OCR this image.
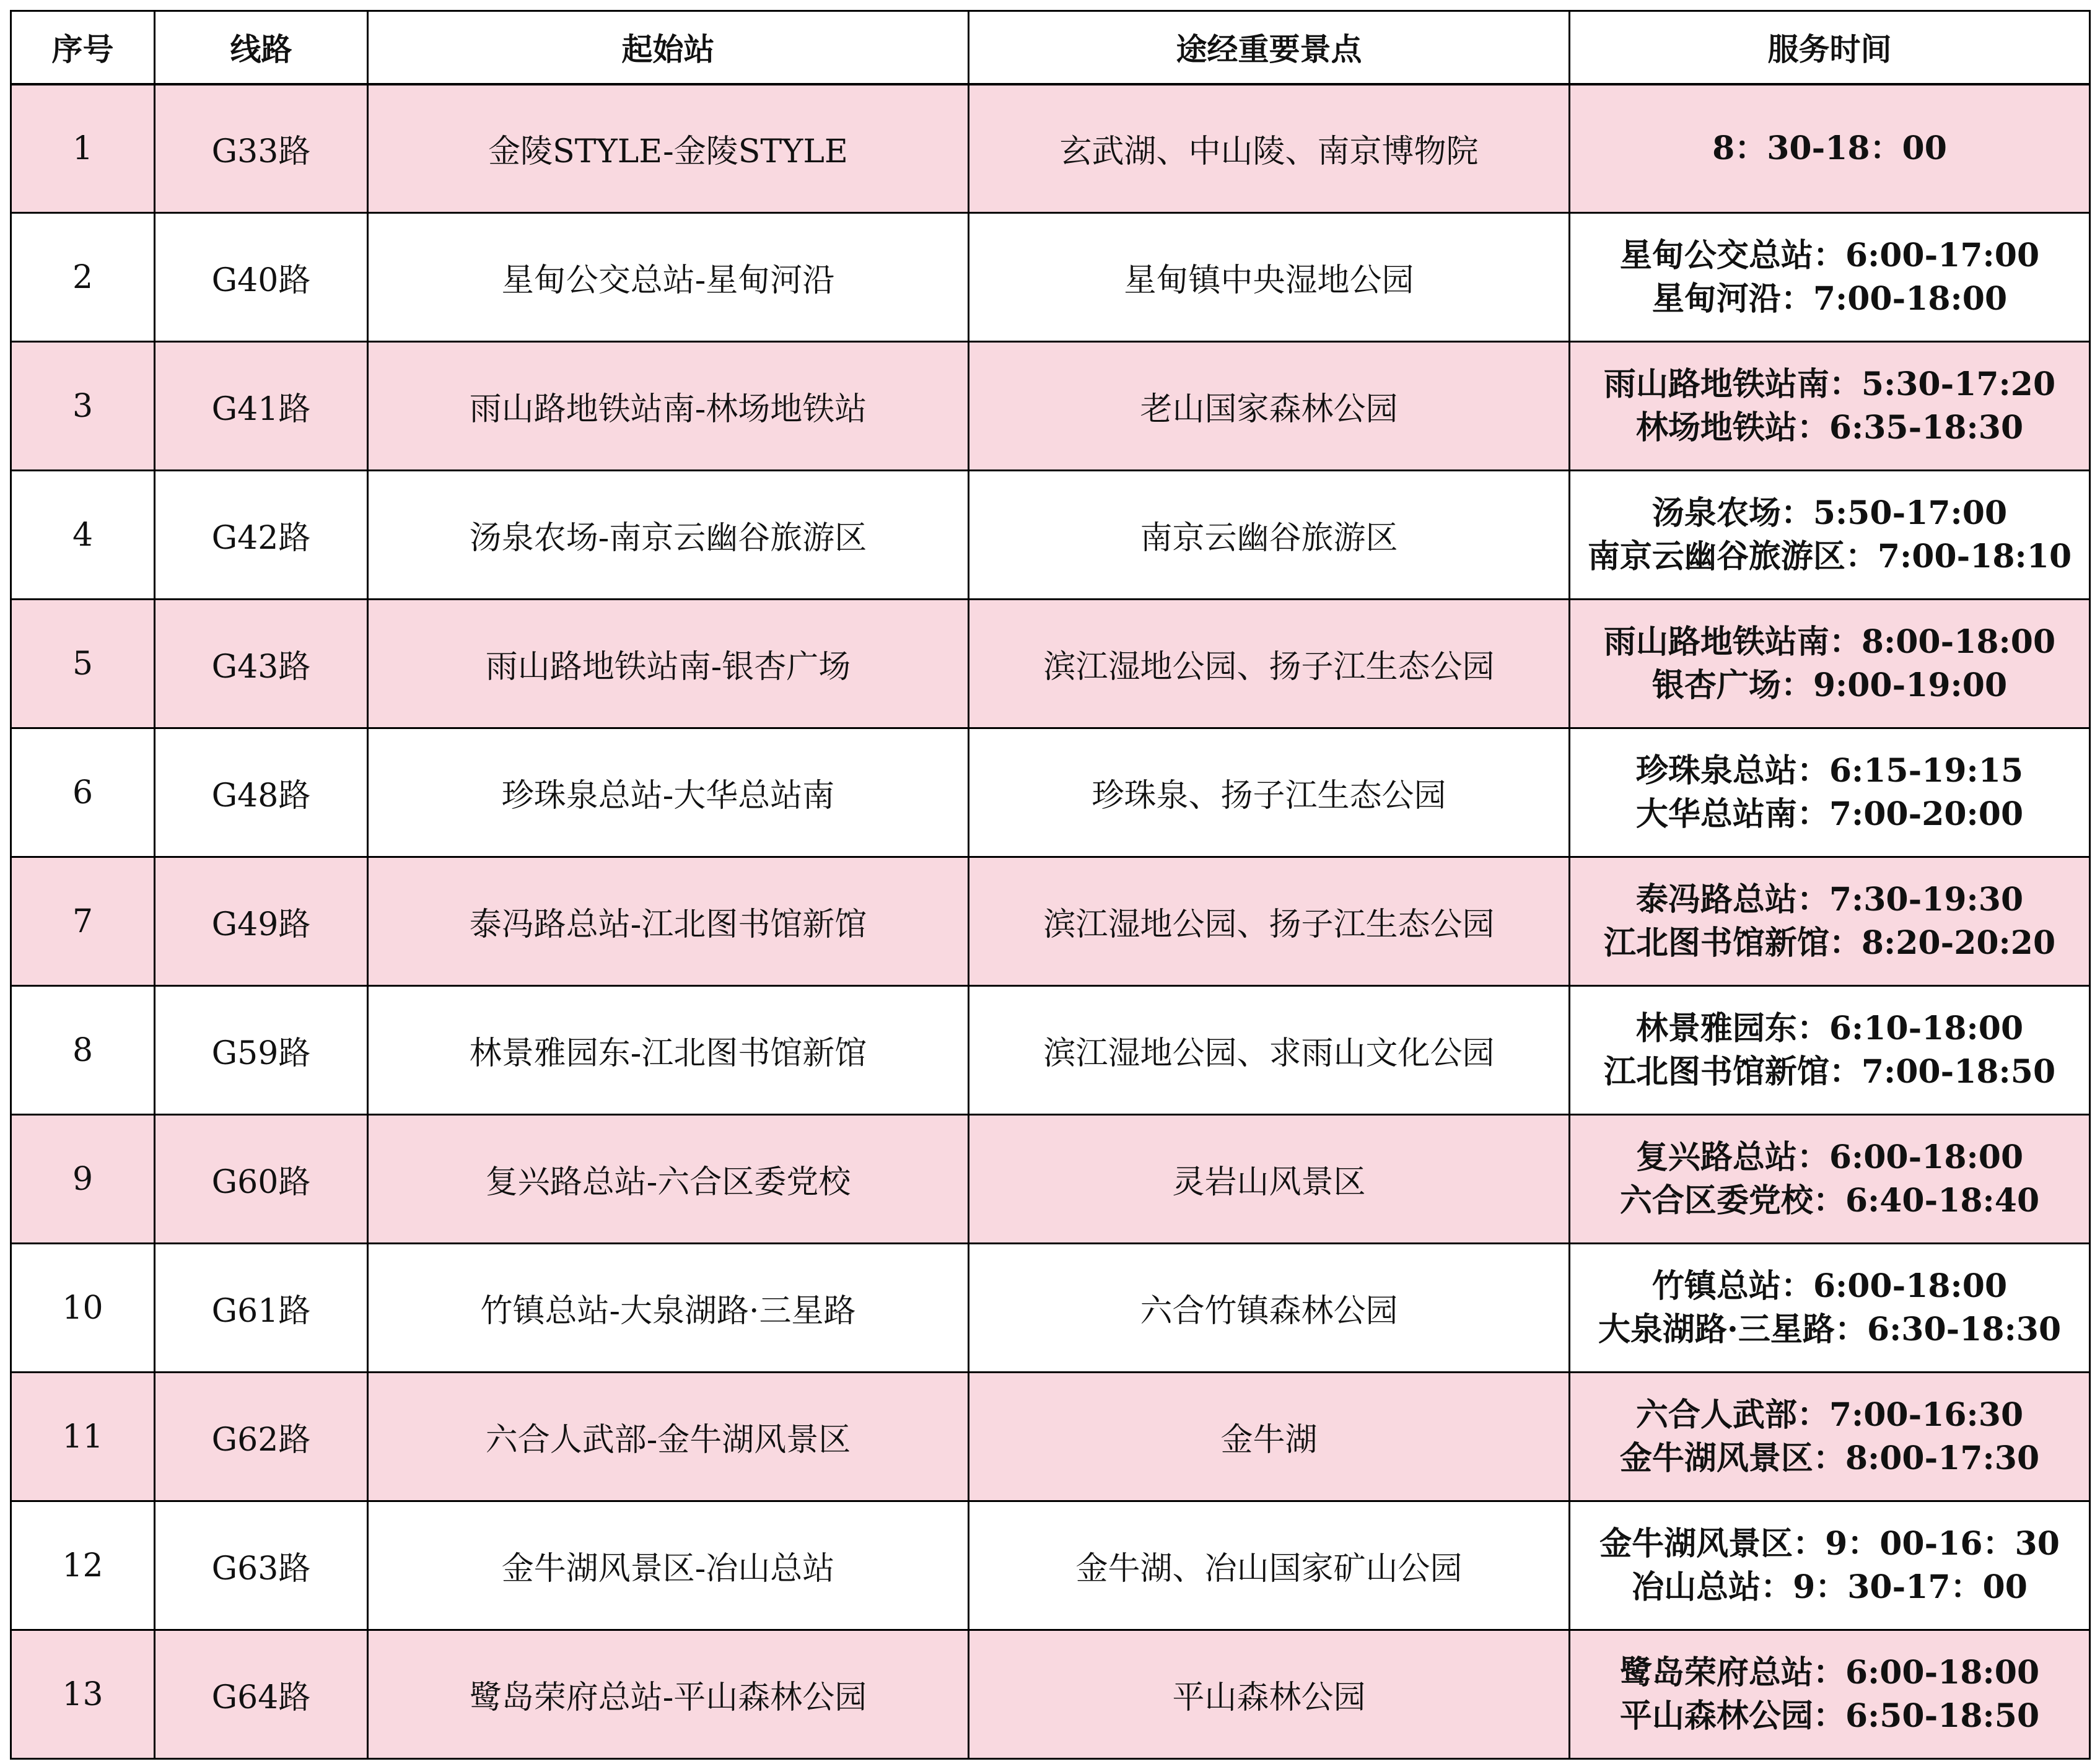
序号	线路	起始站	途经重要景点	服务时间
1	G33路	金陵STYLE-金陵STYLE	玄武湖、中山陵、南京博物院	8：30-18：00

2	G40路	星甸公交总站-星甸河沿	星甸镇中央湿地公园	星甸公交总站：6:00-17:00
星甸河沿：7:00-18:00

3	G41路	雨山路地铁站南-林场地铁站	老山国家森林公园	雨山路地铁站南：5:30-17:20
林场地铁站：6:35-18:30

4	G42路	汤泉农场-南京云幽谷旅游区	南京云幽谷旅游区	汤泉农场：5:50-17:00
南京云幽谷旅游区：7:00-18:10

5	G43路	雨山路地铁站南-银杏广场	滨江湿地公园、扬子江生态公园	雨山路地铁站南：8:00-18:00
银杏广场：9:00-19:00

6	G48路	珍珠泉总站-大华总站南	珍珠泉、扬子江生态公园	珍珠泉总站：6:15-19:15
大华总站南：7:00-20:00

7	G49路	泰冯路总站-江北图书馆新馆	滨江湿地公园、扬子江生态公园	泰冯路总站：7:30-19:30
江北图书馆新馆：8:20-20:20

8	G59路	林景雅园东-江北图书馆新馆	滨江湿地公园、求雨山文化公园	林景雅园东：6:10-18:00
江北图书馆新馆：7:00-18:50

9	G60路	复兴路总站-六合区委党校	灵岩山风景区	复兴路总站：6:00-18:00
六合区委党校：6:40-18:40

10	G61路	竹镇总站-大泉湖路·三星路	六合竹镇森林公园	竹镇总站：6:00-18:00
大泉湖路·三星路：6:30-18:30

11	G62路	六合人武部-金牛湖风景区	金牛湖	六合人武部：7:00-16:30
金牛湖风景区：8:00-17:30

12	G63路	金牛湖风景区-冶山总站	金牛湖、冶山国家矿山公园	金牛湖风景区：9：00-16：30
冶山总站：9：30-17：00

13	G64路	鹭岛荣府总站-平山森林公园	平山森林公园	鹭岛荣府总站：6:00-18:00
平山森林公园：6:50-18:50
